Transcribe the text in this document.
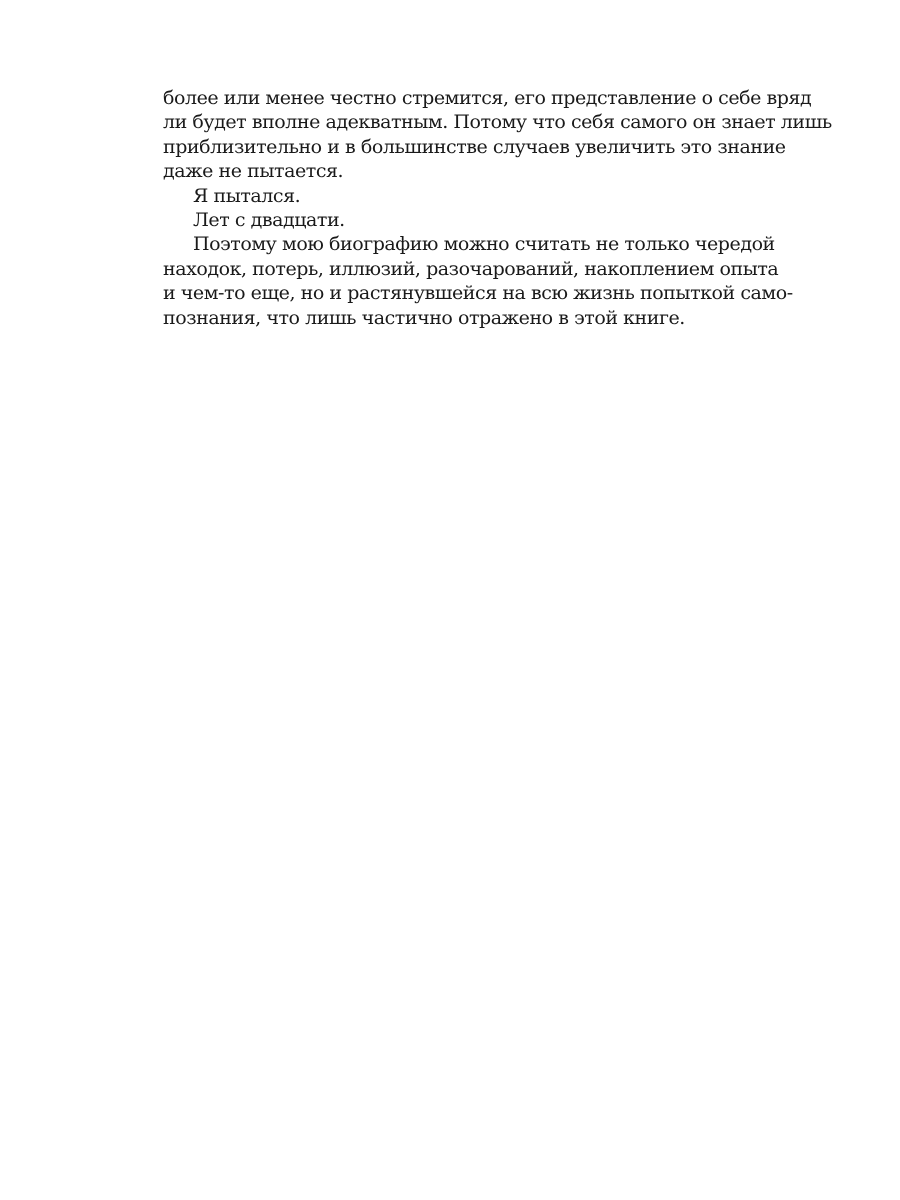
более или менее честно стремится, его представление о себе вряд
ли будет вполне адекватным. Потому что себя самого он знает лишь
приблизительно и в большинстве случаев увеличить это знание
даже не пытается.
Я пытался.
Лет с двадцати.
Поэтому мою биографию можно считать не только чередой
находок, потерь, иллюзий, разочарований, накоплением опыта
и чем-то еще, но и растянувшейся на всю жизнь попыткой само-
познания, что лишь частично отражено в этой книге.
